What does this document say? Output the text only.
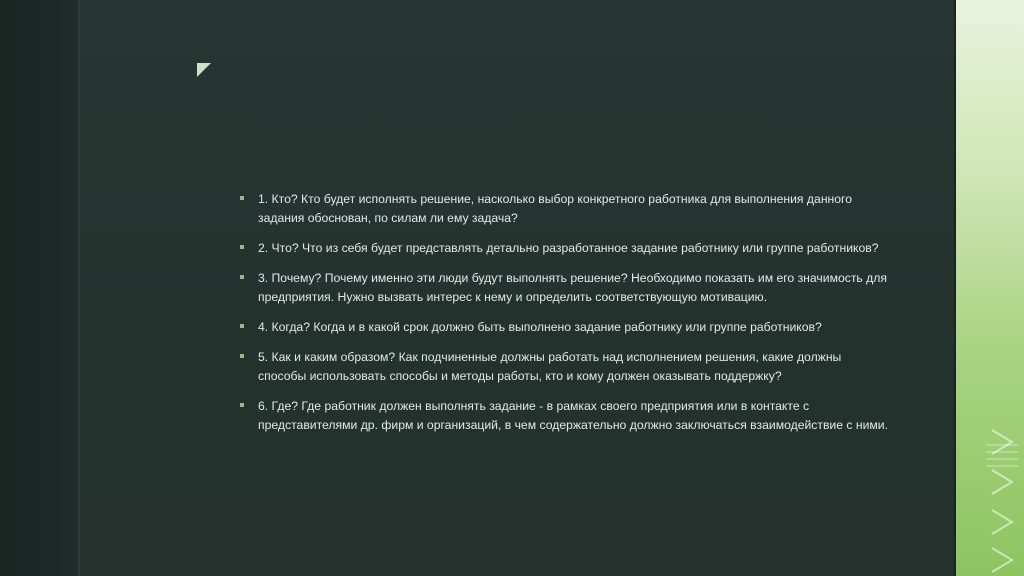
1. Кто? Кто будет исполнять решение, насколько выбор конкретного работника для выполнения данного задания обоснован, по силам ли ему задача?
2. Что? Что из себя будет представлять детально разработанное задание работнику или группе работников?
3. Почему? Почему именно эти люди будут выполнять решение? Необходимо показать им его значимость для предприятия. Нужно вызвать интерес к нему и определить соответствующую мотивацию.
4. Когда? Когда и в какой срок должно быть выполнено задание работнику или группе работников?
5. Как и каким образом? Как подчиненные должны работать над исполнением решения, какие должны способы использовать способы и методы работы, кто и кому должен оказывать поддержку?
6. Где? Где работник должен выполнять задание - в рамках своего предприятия или в контакте с представителями др. фирм и организаций, в чем содержательно должно заключаться взаимодействие с ними.
